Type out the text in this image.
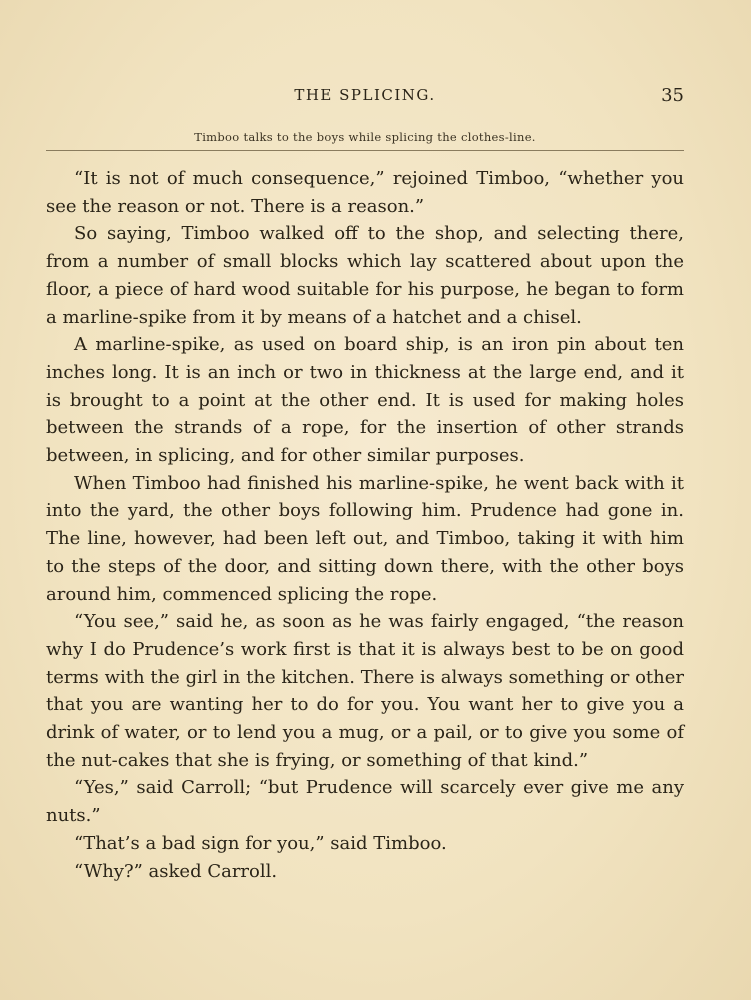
THE SPLICING.	35
Timboo talks to the boys while splicing the clothes-line.

“It is not of much consequence,” rejoined Timboo, “whether you see the reason or not. There is a reason.”

So saying, Timboo walked off to the shop, and selecting there, from a number of small blocks which lay scattered about upon the floor, a piece of hard wood suitable for his purpose, he began to form a marline-spike from it by means of a hatchet and a chisel.

A marline-spike, as used on board ship, is an iron pin about ten inches long. It is an inch or two in thickness at the large end, and it is brought to a point at the other end. It is used for making holes between the strands of a rope, for the insertion of other strands between, in splicing, and for other similar purposes.

When Timboo had finished his marline-spike, he went back with it into the yard, the other boys following him. Prudence had gone in. The line, however, had been left out, and Timboo, taking it with him to the steps of the door, and sitting down there, with the other boys around him, commenced splicing the rope.

“You see,” said he, as soon as he was fairly engaged, “the reason why I do Prudence’s work first is that it is always best to be on good terms with the girl in the kitchen. There is always something or other that you are wanting her to do for you. You want her to give you a drink of water, or to lend you a mug, or a pail, or to give you some of the nut-cakes that she is frying, or something of that kind.”

“Yes,” said Carroll; “but Prudence will scarcely ever give me any nuts.”

“That’s a bad sign for you,” said Timboo.

“Why?” asked Carroll.
